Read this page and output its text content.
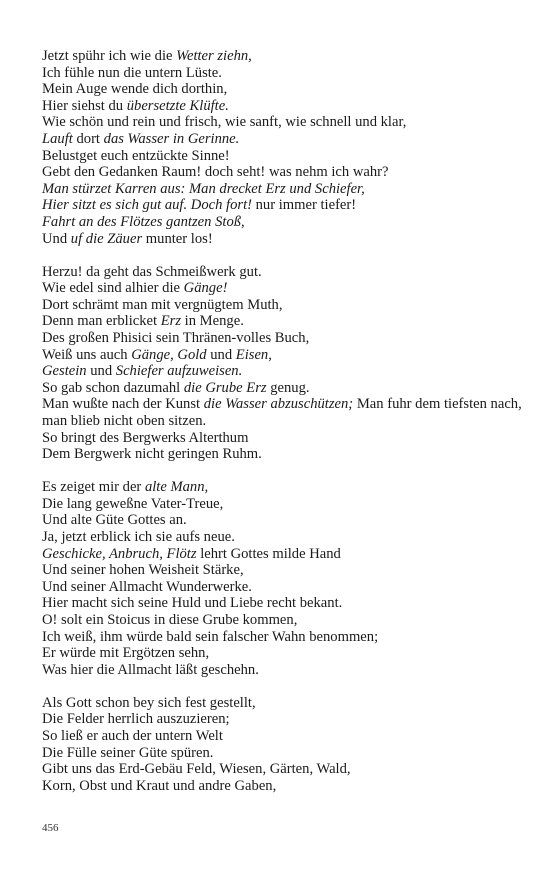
Jetzt spühr ich wie die Wetter ziehn,
Ich fühle nun die untern Lüste.
Mein Auge wende dich dorthin,
Hier siehst du übersetzte Klüfte.
Wie schön und rein und frisch, wie sanft, wie schnell und klar,
Lauft dort das Wasser in Gerinne.
Belustget euch entzückte Sinne!
Gebt den Gedanken Raum! doch seht! was nehm ich wahr?
Man stürzet Karren aus: Man drecket Erz und Schiefer,
Hier sitzt es sich gut auf. Doch fort! nur immer tiefer!
Fahrt an des Flötzes gantzen Stoß,
Und uf die Zäuer munter los!
Herzu! da geht das Schmeißwerk gut.
Wie edel sind alhier die Gänge!
Dort schrämt man mit vergnügtem Muth,
Denn man erblicket Erz in Menge.
Des großen Phisici sein Thränen-volles Buch,
Weiß uns auch Gänge, Gold und Eisen,
Gestein und Schiefer aufzuweisen.
So gab schon dazumahl die Grube Erz genug.
Man wußte nach der Kunst die Wasser abzuschützen; Man fuhr dem tiefsten nach, man blieb nicht oben sitzen.
So bringt des Bergwerks Alterthum
Dem Bergwerk nicht geringen Ruhm.
Es zeiget mir der alte Mann,
Die lang geweßne Vater-Treue,
Und alte Güte Gottes an.
Ja, jetzt erblick ich sie aufs neue.
Geschicke, Anbruch, Flötz lehrt Gottes milde Hand
Und seiner hohen Weisheit Stärke,
Und seiner Allmacht Wunderwerke.
Hier macht sich seine Huld und Liebe recht bekant.
O! solt ein Stoicus in diese Grube kommen,
Ich weiß, ihm würde bald sein falscher Wahn benommen;
Er würde mit Ergötzen sehn,
Was hier die Allmacht läßt geschehn.
Als Gott schon bey sich fest gestellt,
Die Felder herrlich auszuzieren;
So ließ er auch der untern Welt
Die Fülle seiner Güte spüren.
Gibt uns das Erd-Gebäu Feld, Wiesen, Gärten, Wald,
Korn, Obst und Kraut und andre Gaben,
456
